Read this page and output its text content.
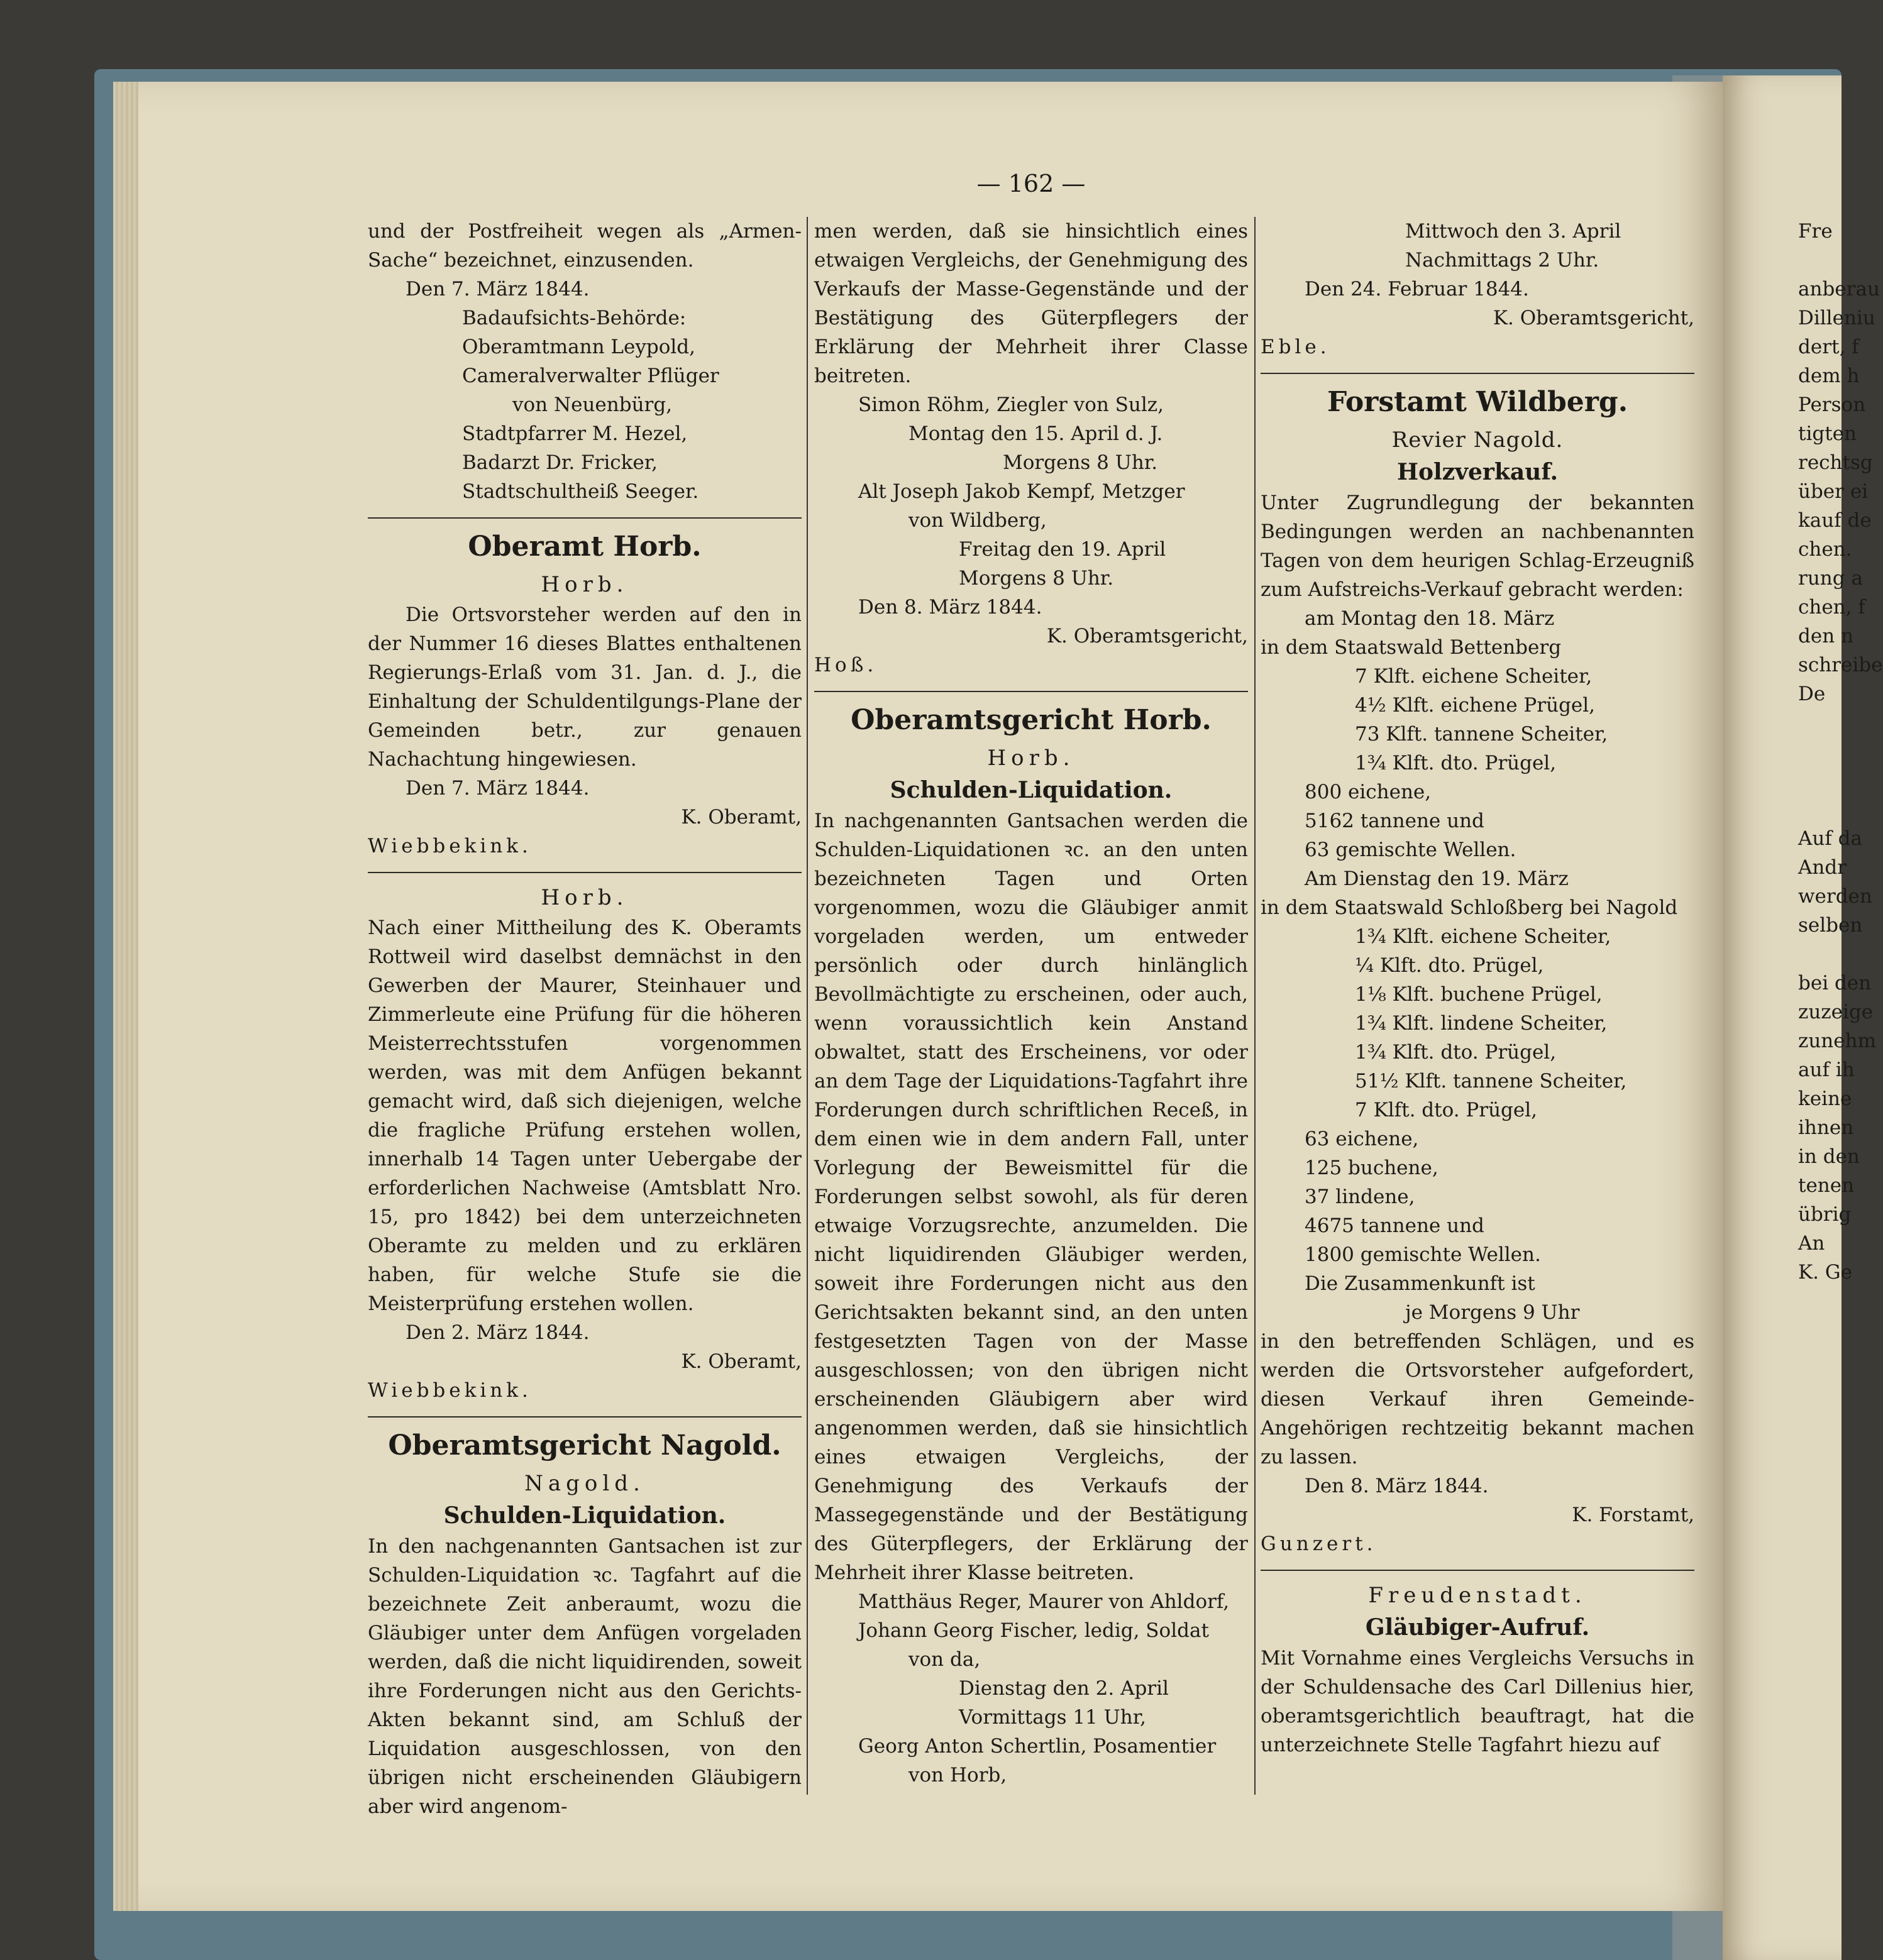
— 162 —

und der Postfreiheit wegen als „Armen-Sache“ bezeichnet, einzusenden.

Den 7. März 1844.

Badaufsichts-Behörde:

Oberamtmann Leypold,

Cameralverwalter Pflüger

von Neuenbürg,

Stadtpfarrer M. Hezel,

Badarzt Dr. Fricker,

Stadtschultheiß Seeger.

Oberamt Horb.
Horb.

Die Ortsvorsteher werden auf den in der Nummer 16 dieses Blattes enthaltenen Regierungs-Erlaß vom 31. Jan. d. J., die Einhaltung der Schuldentilgungs-Plane der Gemeinden betr., zur genauen Nachachtung hingewiesen.

Den 7. März 1844.

K. Oberamt,

Wiebbekink.

Horb.

Nach einer Mittheilung des K. Oberamts Rottweil wird daselbst demnächst in den Gewerben der Maurer, Steinhauer und Zimmerleute eine Prüfung für die höheren Meisterrechtsstufen vorgenommen werden, was mit dem Anfügen bekannt gemacht wird, daß sich diejenigen, welche die fragliche Prüfung erstehen wollen, innerhalb 14 Tagen unter Uebergabe der erforderlichen Nachweise (Amtsblatt Nro. 15, pro 1842) bei dem unterzeichneten Oberamte zu melden und zu erklären haben, für welche Stufe sie die Meisterprüfung erstehen wollen.

Den 2. März 1844.

K. Oberamt,

Wiebbekink.

Oberamtsgericht Nagold.
Nagold.
Schulden-Liquidation.

In den nachgenannten Gantsachen ist zur Schulden-Liquidation ꝛc. Tagfahrt auf die bezeichnete Zeit anberaumt, wozu die Gläubiger unter dem Anfügen vorgeladen werden, daß die nicht liquidirenden, soweit ihre Forderungen nicht aus den Gerichts-Akten bekannt sind, am Schluß der Liquidation ausgeschlossen, von den übrigen nicht erscheinenden Gläubigern aber wird angenom-

men werden, daß sie hinsichtlich eines etwaigen Vergleichs, der Genehmigung des Verkaufs der Masse-Gegenstände und der Bestätigung des Güterpflegers der Erklärung der Mehrheit ihrer Classe beitreten.

Simon Röhm, Ziegler von Sulz,

Montag den 15. April d. J.

Morgens 8 Uhr.

Alt Joseph Jakob Kempf, Metzger

von Wildberg,

Freitag den 19. April

Morgens 8 Uhr.

Den 8. März 1844.

K. Oberamtsgericht,

Hoß.

Oberamtsgericht Horb.
Horb.
Schulden-Liquidation.

In nachgenannten Gantsachen werden die Schulden-Liquidationen ꝛc. an den unten bezeichneten Tagen und Orten vorgenommen, wozu die Gläubiger anmit vorgeladen werden, um entweder persönlich oder durch hinlänglich Bevollmächtigte zu erscheinen, oder auch, wenn voraussichtlich kein Anstand obwaltet, statt des Erscheinens, vor oder an dem Tage der Liquidations-Tagfahrt ihre Forderungen durch schriftlichen Receß, in dem einen wie in dem andern Fall, unter Vorlegung der Beweismittel für die Forderungen selbst sowohl, als für deren etwaige Vorzugsrechte, anzumelden. Die nicht liquidirenden Gläubiger werden, soweit ihre Forderungen nicht aus den Gerichtsakten bekannt sind, an den unten festgesetzten Tagen von der Masse ausgeschlossen; von den übrigen nicht erscheinenden Gläubigern aber wird angenommen werden, daß sie hinsichtlich eines etwaigen Vergleichs, der Genehmigung des Verkaufs der Massegegenstände und der Bestätigung des Güterpflegers, der Erklärung der Mehrheit ihrer Klasse beitreten.

Matthäus Reger, Maurer von Ahldorf,

Johann Georg Fischer, ledig, Soldat

von da,

Dienstag den 2. April

Vormittags 11 Uhr,

Georg Anton Schertlin, Posamentier

von Horb,

Mittwoch den 3. April

Nachmittags 2 Uhr.

Den 24. Februar 1844.

K. Oberamtsgericht,

Eble.

Forstamt Wildberg.
Revier Nagold.
Holzverkauf.

Unter Zugrundlegung der bekannten Bedingungen werden an nachbenannten Tagen von dem heurigen Schlag-Erzeugniß zum Aufstreichs-Verkauf gebracht werden:

am Montag den 18. März

in dem Staatswald Bettenberg

7 Klft. eichene Scheiter,

4½ Klft. eichene Prügel,

73 Klft. tannene Scheiter,

1¾ Klft. dto. Prügel,

800 eichene,

5162 tannene und

63 gemischte Wellen.

Am Dienstag den 19. März

in dem Staatswald Schloßberg bei Nagold

1¾ Klft. eichene Scheiter,

¼ Klft. dto. Prügel,

1⅛ Klft. buchene Prügel,

1¾ Klft. lindene Scheiter,

1¾ Klft. dto. Prügel,

51½ Klft. tannene Scheiter,

7 Klft. dto. Prügel,

63 eichene,

125 buchene,

37 lindene,

4675 tannene und

1800 gemischte Wellen.

Die Zusammenkunft ist

je Morgens 9 Uhr

in den betreffenden Schlägen, und es werden die Ortsvorsteher aufgefordert, diesen Verkauf ihren Gemeinde-Angehörigen rechtzeitig bekannt machen zu lassen.

Den 8. März 1844.

K. Forstamt,

Gunzert.

Freudenstadt.
Gläubiger-Aufruf.

Mit Vornahme eines Vergleichs Versuchs in der Schuldensache des Carl Dillenius hier, oberamtsgerichtlich beauftragt, hat die unterzeichnete Stelle Tagfahrt hiezu auf

Fre

anberau
Dilleniu
dert, f
dem h
Person
tigten
rechtsg
über ei
kauf de
chen.
rung a
chen, f
den n
schreibe
De

Auf da
Andr
werden
selben

bei den
zuzeige
zunehm
auf ih
keine
ihnen
in den
tenen
übrig
An
K. Ge
